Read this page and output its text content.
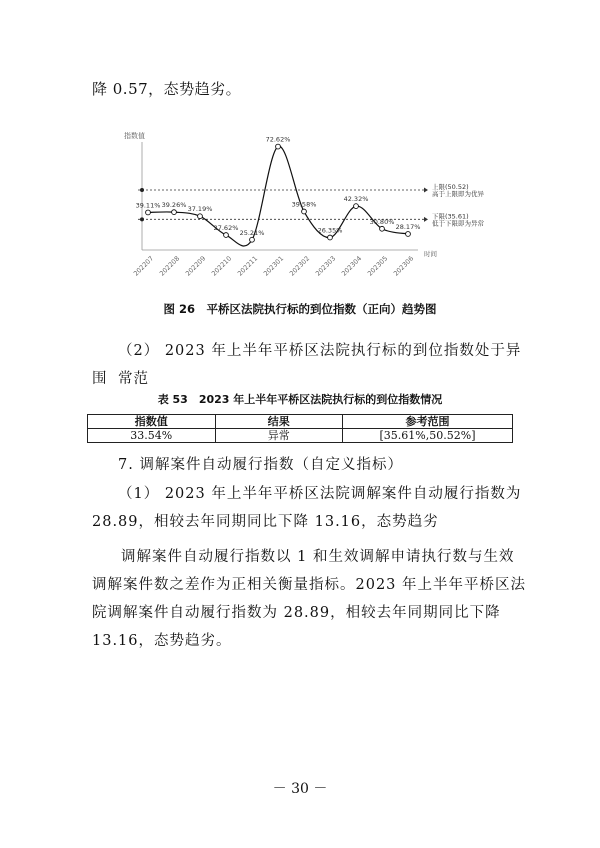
降 0.57，态势趋劣。
指数值
时间
上限(50.52)
高于上限即为优异
下限(35.61)
低于下限即为异常
39.11%
202207
39.26%
202208
37.19%
202209
27.62%
202210
25.21%
202211
72.62%
202301
39.58%
202302
26.35%
202303
42.32%
202304
30.80%
202305
28.17%
202306
图 26　平桥区法院执行标的到位指数（正向）趋势图
（2） 2023 年上半年平桥区法院执行标的到位指数处于异常范
围
表 53　2023 年上半年平桥区法院执行标的到位指数情况
指数值	结果	参考范围
33.54%	异常	[35.61%,50.52%]
7. 调解案件自动履行指数（自定义指标）
（1） 2023 年上半年平桥区法院调解案件自动履行指数为
28.89，相较去年同期同比下降 13.16，态势趋劣
调解案件自动履行指数以 1 和生效调解申请执行数与生效调解案件数之差作为正相关衡量指标。2023 年上半年平桥区法院调解案件自动履行指数为 28.89，相较去年同期同比下降 13.16，态势趋劣。
－ 30 －
